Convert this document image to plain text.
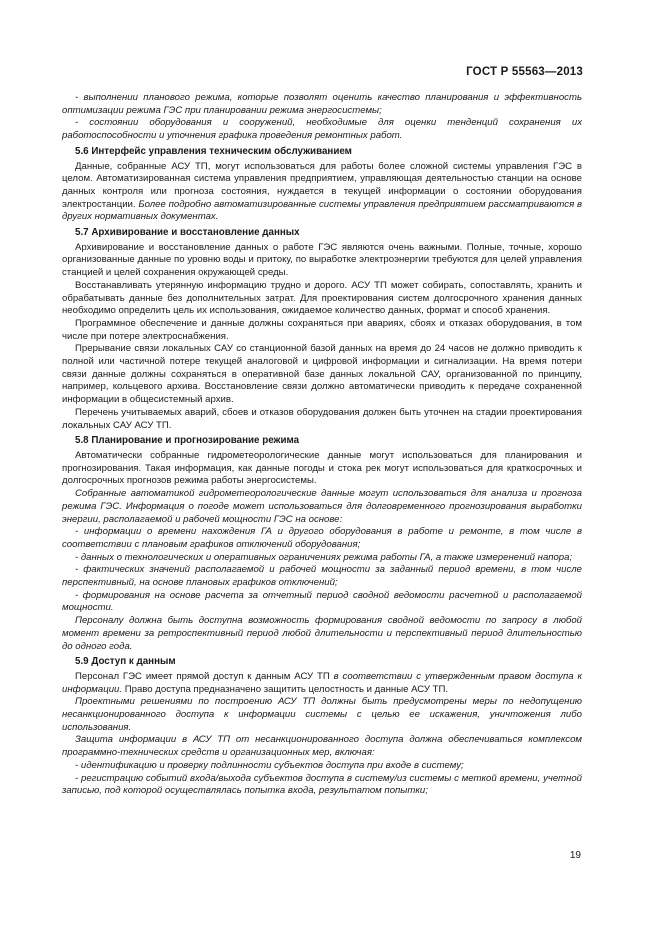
ГОСТ Р 55563—2013

- выполнении планового режима, которые позволят оценить качество планирования и эффективность оптимизации режима ГЭС при планировании режима энергосистемы;

- состоянии оборудования и сооружений, необходимые для оценки тенденций сохранения их работоспособности и уточнения графика проведения ремонтных работ.

5.6 Интерфейс управления техническим обслуживанием

Данные, собранные АСУ ТП, могут использоваться для работы более сложной системы управления ГЭС в целом. Автоматизированная система управления предприятием, управляющая деятельностью станции на основе данных контроля или прогноза состояния, нуждается в текущей информации о состоянии оборудования электростанции. Более подробно автоматизированные системы управления предприятием рассматриваются в других нормативных документах.

5.7 Архивирование и восстановление данных

Архивирование и восстановление данных о работе ГЭС являются очень важными. Полные, точные, хорошо организованные данные по уровню воды и притоку, по выработке электроэнергии требуются для целей управления станцией и целей сохранения окружающей среды.

Восстанавливать утерянную информацию трудно и дорого. АСУ ТП может собирать, сопоставлять, хранить и обрабатывать данные без дополнительных затрат. Для проектирования систем долгосрочного хранения данных необходимо определить цель их использования, ожидаемое количество данных, формат и способ хранения.

Программное обеспечение и данные должны сохраняться при авариях, сбоях и отказах оборудования, в том числе при потере электроснабжения.

Прерывание связи локальных САУ со станционной базой данных на время до 24 часов не должно приводить к полной или частичной потере текущей аналоговой и цифровой информации и сигнализации. На время потери связи данные должны сохраняться в оперативной базе данных локальной САУ, организованной по принципу, например, кольцевого архива. Восстановление связи должно автоматически приводить к передаче сохраненной информации в общесистемный архив.

Перечень учитываемых аварий, сбоев и отказов оборудования должен быть уточнен на стадии проектирования локальных САУ АСУ ТП.

5.8 Планирование и прогнозирование режима

Автоматически собранные гидрометеорологические данные могут использоваться для планирования и прогнозирования. Такая информация, как данные погоды и стока рек могут использоваться для краткосрочных и долгосрочных прогнозов режима работы энергосистемы.

Собранные автоматикой гидрометеорологические данные могут использоваться для анализа и прогноза режима ГЭС. Информация о погоде может использоваться для долговременного прогнозирования выработки энергии, располагаемой и рабочей мощности ГЭС на основе:

- информации о времени нахождения ГА и другого оборудования в работе и ремонте, в том числе в соответствии с плановым графиков отключений оборудования;

- данных о технологических и оперативных ограничениях режима работы ГА, а также измеренений напора;

- фактических значений располагаемой и рабочей мощности за заданный период времени, в том числе перспективный, на основе плановых графиков отключений;

- формирования на основе расчета за отчетный период сводной ведомости расчетной и располагаемой мощности.

Персоналу должна быть доступна возможность формирования сводной ведомости по запросу в любой момент времени за ретроспективный период любой длительности и перспективный период длительностью до одного года.

5.9 Доступ к данным

Персонал ГЭС имеет прямой доступ к данным АСУ ТП в соответствии с утвержденным правом доступа к информации. Право доступа предназначено защитить целостность и данные АСУ ТП.

Проектными решениями по построению АСУ ТП должны быть предусмотрены меры по недопущению несанкционированного доступа к информации системы с целью ее искажения, уничтожения либо использования.

Защита информации в АСУ ТП от несанкционированного доступа должна обеспечиваться комплексом программно-технических средств и организационных мер, включая:

- идентификацию и проверку подлинности субъектов доступа при входе в систему;

- регистрацию событий входа/выхода субъектов доступа в систему/из системы с меткой времени, учетной записью, под которой осуществлялась попытка входа, результатом попытки;

19
